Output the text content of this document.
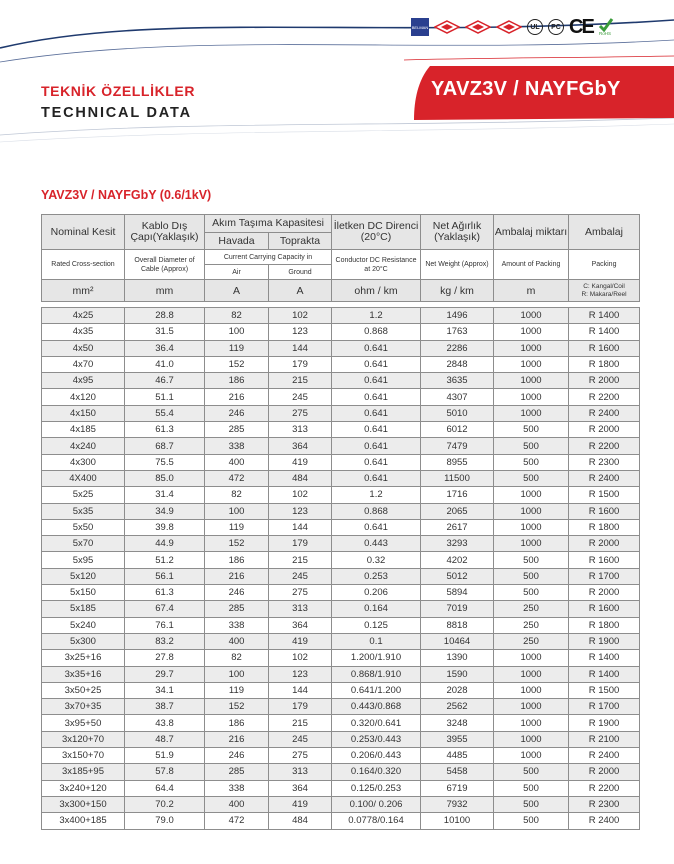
BELMAN	UL	PC CE RoHS
TEKNİK ÖZELLİKLER
TECHNICAL DATA
YAVZ3V / NAYFGbY
YAVZ3V / NAYFGbY (0.6/1kV)
Nominal Kesit	Kablo Dış Çapı(Yaklaşık)	Akım Taşıma Kapasitesi		İletken DC Direnci (20°C)	Net Ağırlık (Yaklaşık)	Ambalaj miktarı	Ambalaj
		Havada	Toprakta				
Rated Cross-section	Overall Diameter of Cable (Approx)	Current Carrying Capacity in		Conductor DC Resistance at 20°C	Net Weight (Approx)	Amount of Packing	Packing
		Air	Ground				
mm²	mm	A	A	ohm / km	kg / km	m	C: Kangal/Coil
R: Makara/Reel

4x25	28.8	82	102	1.2	1496	1000	R 1400
4x35	31.5	100	123	0.868	1763	1000	R 1400
4x50	36.4	119	144	0.641	2286	1000	R 1600
4x70	41.0	152	179	0.641	2848	1000	R 1800
4x95	46.7	186	215	0.641	3635	1000	R 2000
4x120	51.1	216	245	0.641	4307	1000	R 2200
4x150	55.4	246	275	0.641	5010	1000	R 2400
4x185	61.3	285	313	0.641	6012	500	R 2000
4x240	68.7	338	364	0.641	7479	500	R 2200
4x300	75.5	400	419	0.641	8955	500	R 2300
4X400	85.0	472	484	0.641	11500	500	R 2400
5x25	31.4	82	102	1.2	1716	1000	R 1500
5x35	34.9	100	123	0.868	2065	1000	R 1600
5x50	39.8	119	144	0.641	2617	1000	R 1800
5x70	44.9	152	179	0.443	3293	1000	R 2000
5x95	51.2	186	215	0.32	4202	500	R 1600
5x120	56.1	216	245	0.253	5012	500	R 1700
5x150	61.3	246	275	0.206	5894	500	R 2000
5x185	67.4	285	313	0.164	7019	250	R 1600
5x240	76.1	338	364	0.125	8818	250	R 1800
5x300	83.2	400	419	0.1	10464	250	R 1900
3x25+16	27.8	82	102	1.200/1.910	1390	1000	R 1400
3x35+16	29.7	100	123	0.868/1.910	1590	1000	R 1400
3x50+25	34.1	119	144	0.641/1.200	2028	1000	R 1500
3x70+35	38.7	152	179	0.443/0.868	2562	1000	R 1700
3x95+50	43.8	186	215	0.320/0.641	3248	1000	R 1900
3x120+70	48.7	216	245	0.253/0.443	3955	1000	R 2100
3x150+70	51.9	246	275	0.206/0.443	4485	1000	R 2400
3x185+95	57.8	285	313	0.164/0.320	5458	500	R 2000
3x240+120	64.4	338	364	0.125/0.253	6719	500	R 2200
3x300+150	70.2	400	419	0.100/ 0.206	7932	500	R 2300
3x400+185	79.0	472	484	0.0778/0.164	10100	500	R 2400
